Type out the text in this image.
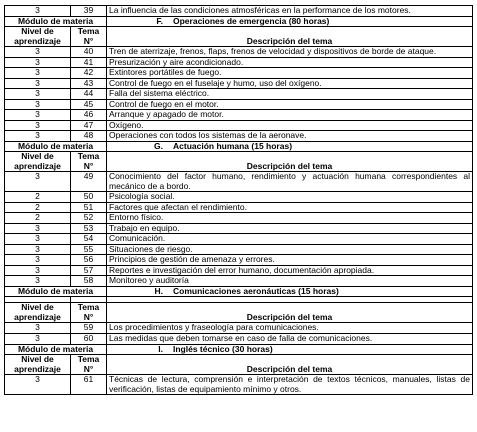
3	39	La influencia de las condiciones atmosféricas en la performance de los motores.
Módulo de materia		F. Operaciones de emergencia (80 horas)
Nivel de aprendizaje	Tema N°	Descripción del tema
3	40	Tren de aterrizaje, frenos, flaps, frenos de velocidad y dispositivos de borde de ataque.
3	41	Presurización y aire acondicionado.
3	42	Extintores portátiles de fuego.
3	43	Control de fuego en el fuselaje y humo, uso del oxígeno.
3	44	Falla del sistema eléctrico.
3	45	Control de fuego en el motor.
3	46	Arranque y apagado de motor.
3	47	Oxígeno.
3	48	Operaciones con todos los sistemas de la aeronave.
Módulo de materia		G. Actuación humana (15 horas)
Nivel de aprendizaje	Tema N°	Descripción del tema
3	49	Conocimiento del factor humano, rendimiento y actuación humana correspondientes al mecánico de a bordo.
2	50	Psicología social.
2	51	Factores que afectan el rendimiento.
2	52	Entorno físico.
3	53	Trabajo en equipo.
3	54	Comunicación.
3	55	Situaciones de riesgo.
3	56	Principios de gestión de amenaza y errores.
3	57	Reportes e investigación del error humano, documentación apropiada.
3	58	Monitoreo y auditoría
Módulo de materia		H. Comunicaciones aeronáuticas (15 horas)

Nivel de aprendizaje	Tema N°	Descripción del tema
3	59	Los procedimientos y fraseología para comunicaciones.
3	60	Las medidas que deben tomarse en caso de falla de comunicaciones.
Módulo de materia		I. Inglés técnico (30 horas)
Nivel de aprendizaje	Tema N°	Descripción del tema
3	61	Técnicas de lectura, comprensión e interpretación de textos técnicos, manuales, listas de verificación, listas de equipamiento mínimo y otros.
